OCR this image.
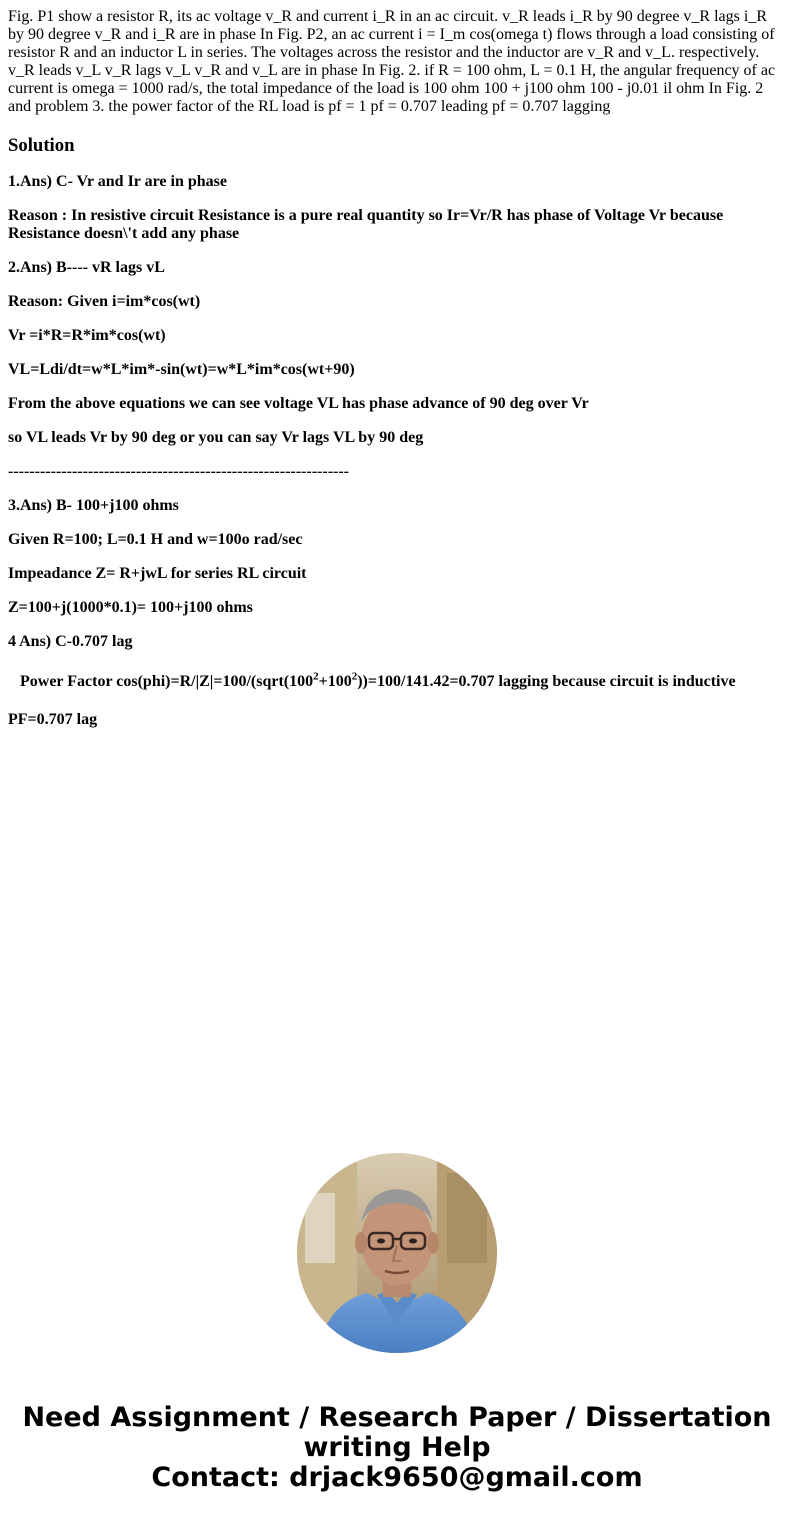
Fig. P1 show a resistor R, its ac voltage v_R and current i_R in an ac circuit. v_R leads i_R by 90 degree v_R lags i_R by 90 degree v_R and i_R are in phase In Fig. P2, an ac current i = I_m cos(omega t) flows through a load consisting of resistor R and an inductor L in series. The voltages across the resistor and the inductor are v_R and v_L. respectively. v_R leads v_L v_R lags v_L v_R and v_L are in phase In Fig. 2. if R = 100 ohm, L = 0.1 H, the angular frequency of ac current is omega = 1000 rad/s, the total impedance of the load is 100 ohm 100 + j100 ohm 100 - j0.01 il ohm In Fig. 2 and problem 3. the power factor of the RL load is pf = 1 pf = 0.707 leading pf = 0.707 lagging

Solution

1.Ans) C- Vr and Ir are in phase

Reason : In resistive circuit Resistance is a pure real quantity so Ir=Vr/R has phase of Voltage Vr because Resistance doesn\'t add any phase

2.Ans) B---- vR lags vL

Reason: Given i=im*cos(wt)

Vr =i*R=R*im*cos(wt)

VL=Ldi/dt=w*L*im*-sin(wt)=w*L*im*cos(wt+90)

From the above equations we can see voltage VL has phase advance of 90 deg over Vr

so VL leads Vr by 90 deg or you can say Vr lags VL by 90 deg

----------------------------------------------------------------

3.Ans) B- 100+j100 ohms

Given R=100; L=0.1 H and w=100o rad/sec

Impeadance Z= R+jwL for series RL circuit

Z=100+j(1000*0.1)= 100+j100 ohms

4 Ans) C-0.707 lag

Power Factor $\cos(phi)=R/|Z|=100/(sqrt(100^2+100^2))=100/141.42=0.707$ lagging because circuit is inductive

PF=0.707 lag

Need Assignment / Research Paper / Dissertation
writing Help
Contact: drjack9650@gmail.com
